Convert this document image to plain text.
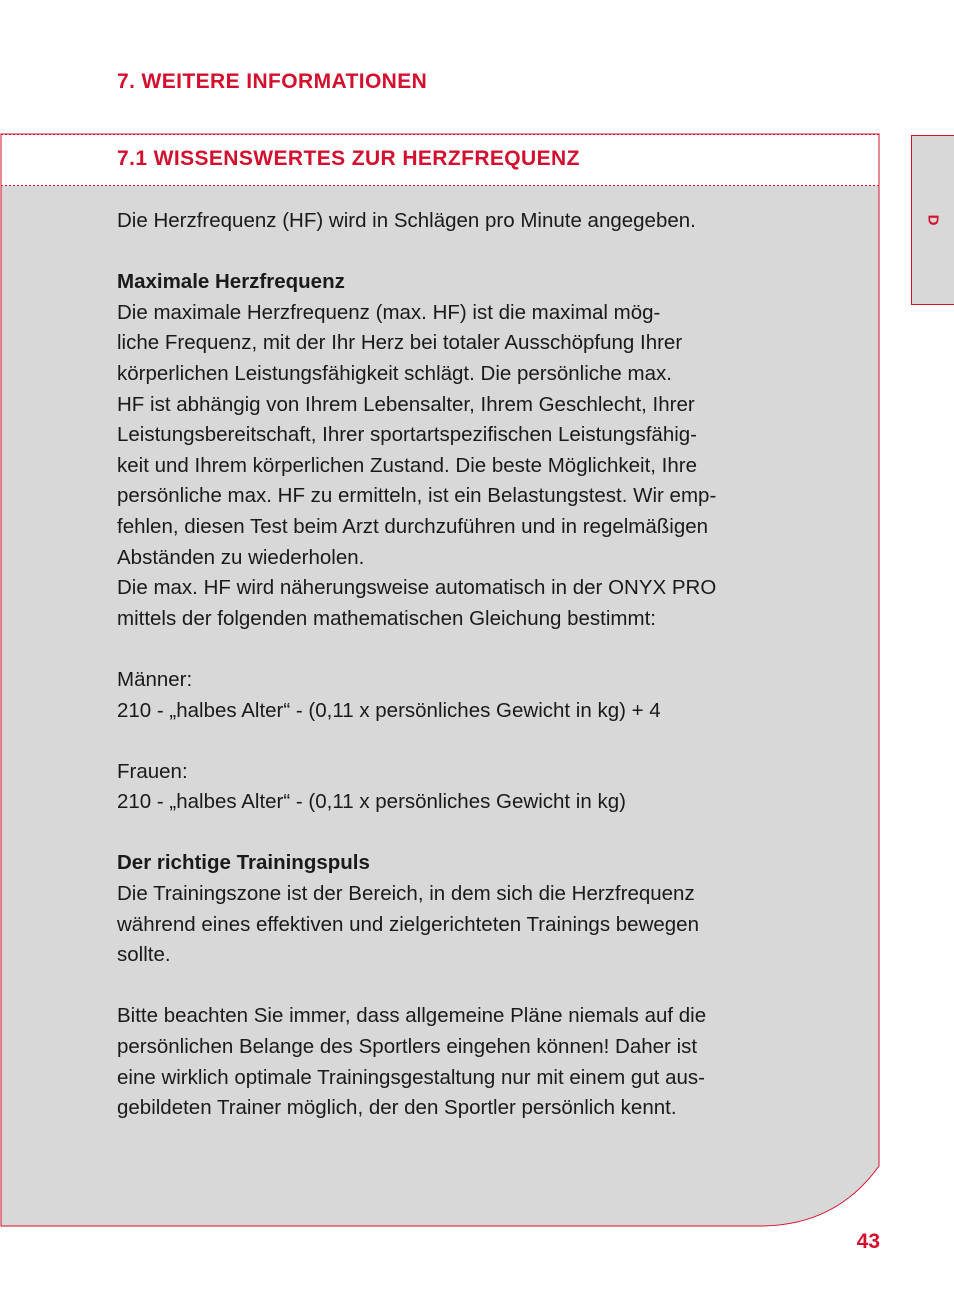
7. WEITERE INFORMATIONEN
7.1 WISSENSWERTES ZUR HERZFREQUENZ
D

Die Herzfrequenz (HF) wird in Schlägen pro Minute angegeben.

Maximale Herzfrequenz

Die maximale Herzfrequenz (max. HF) ist die maximal mög-

liche Frequenz, mit der Ihr Herz bei totaler Ausschöpfung Ihrer

körperlichen Leistungsfähigkeit schlägt. Die persönliche max.

HF ist abhängig von Ihrem Lebensalter, Ihrem Geschlecht, Ihrer

Leistungsbereitschaft, Ihrer sportartspezifischen Leistungsfähig-

keit und Ihrem körperlichen Zustand. Die beste Möglichkeit, Ihre

persönliche max. HF zu ermitteln, ist ein Belastungstest. Wir emp-

fehlen, diesen Test beim Arzt durchzuführen und in regelmäßigen

Abständen zu wiederholen.

Die max. HF wird näherungsweise automatisch in der ONYX PRO

mittels der folgenden mathematischen Gleichung bestimmt:

Männer:

210 - „halbes Alter“ - (0,11 x persönliches Gewicht in kg) + 4

Frauen:

210 - „halbes Alter“ - (0,11 x persönliches Gewicht in kg)

Der richtige Trainingspuls

Die Trainingszone ist der Bereich, in dem sich die Herzfrequenz

während eines effektiven und zielgerichteten Trainings bewegen

sollte.

Bitte beachten Sie immer, dass allgemeine Pläne niemals auf die

persönlichen Belange des Sportlers eingehen können! Daher ist

eine wirklich optimale Trainingsgestaltung nur mit einem gut aus-

gebildeten Trainer möglich, der den Sportler persönlich kennt.

43
